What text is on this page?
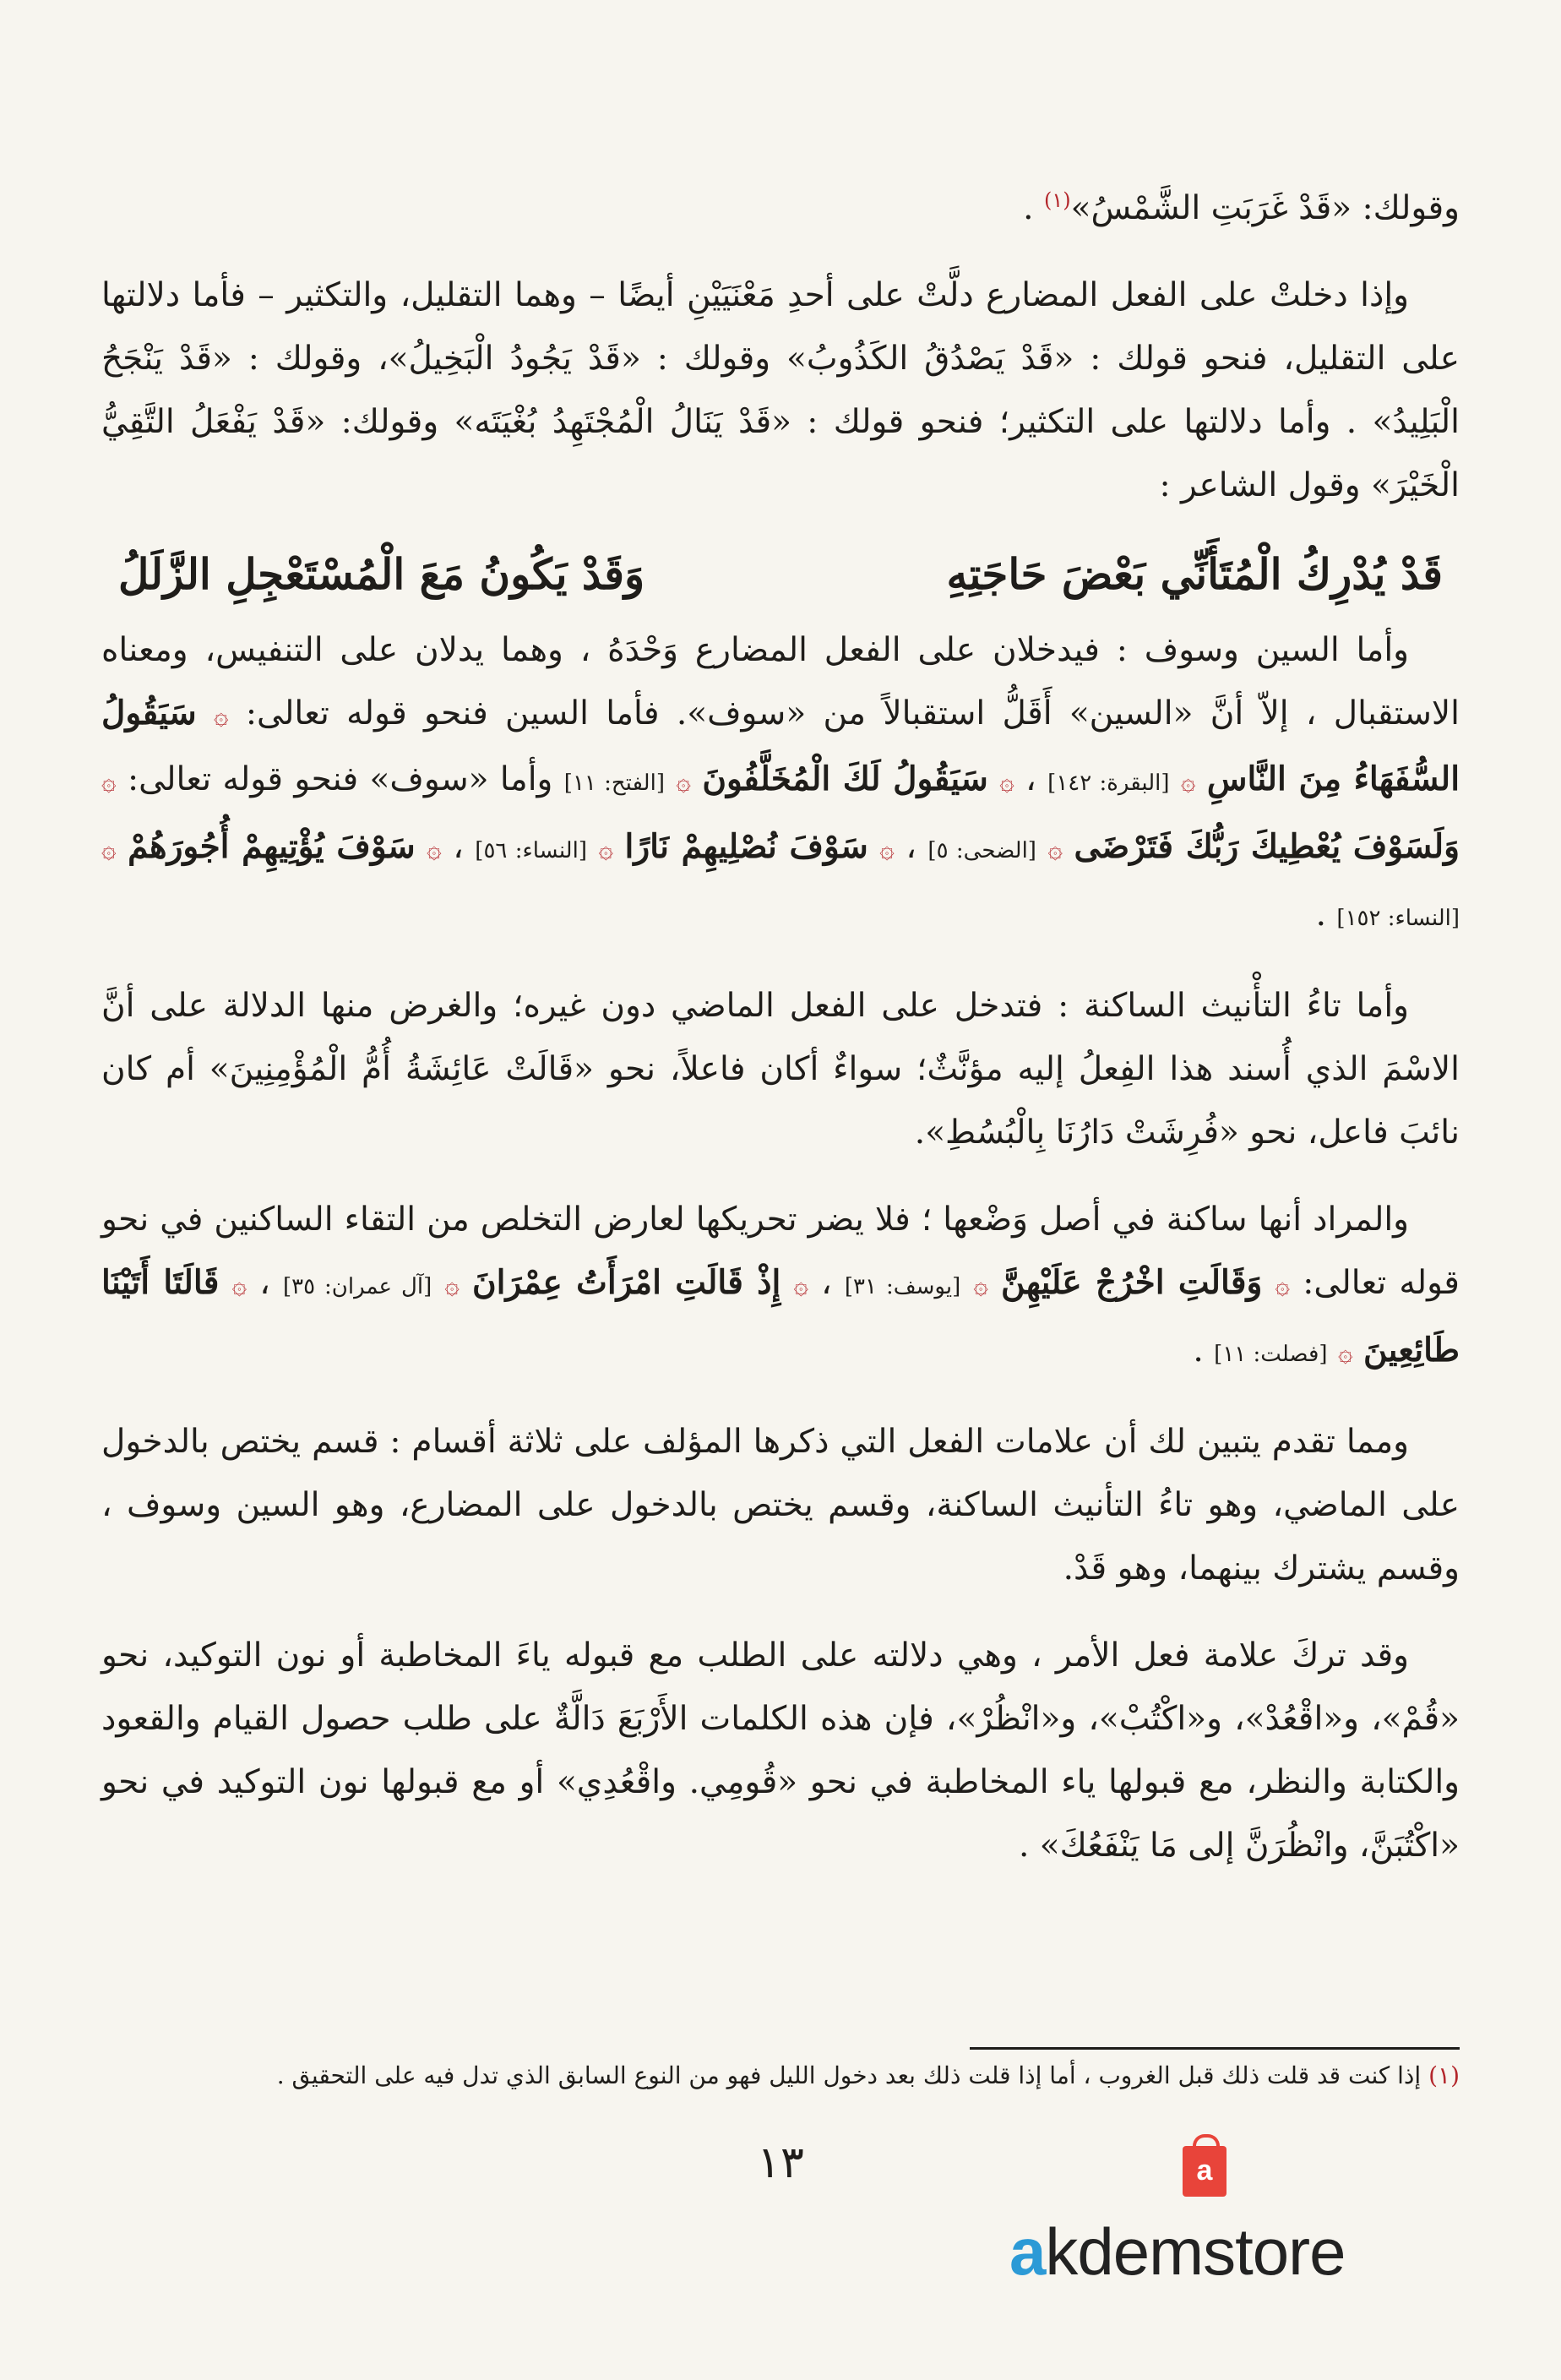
وقولك: «قَدْ غَرَبَتِ الشَّمْسُ»$^{(١)}$ .

وإذا دخلتْ على الفعل المضارع دلَّتْ على أحدِ مَعْنَيَيْنِ أيضًا – وهما التقليل، والتكثير – فأما دلالتها على التقليل، فنحو قولك : «قَدْ يَصْدُقُ الكَذُوبُ» وقولك : «قَدْ يَجُودُ الْبَخِيلُ»، وقولك : «قَدْ يَنْجَحُ الْبَلِيدُ» . وأما دلالتها على التكثير؛ فنحو قولك : «قَدْ يَنَالُ الْمُجْتَهِدُ بُغْيَتَه» وقولك: «قَدْ يَفْعَلُ التَّقِيُّ الْخَيْرَ» وقول الشاعر :

قَدْ يُدْرِكُ الْمُتَأَنِّي بَعْضَ حَاجَتِهِ
وَقَدْ يَكُونُ مَعَ الْمُسْتَعْجِلِ الزَّلَلُ

وأما السين وسوف : فيدخلان على الفعل المضارع وَحْدَهُ ، وهما يدلان على التنفيس، ومعناه الاستقبال ، إلاّ أنَّ «السين» أَقَلُّ استقبالاً من «سوف». فأما السين فنحو قوله تعالى: ۞ سَيَقُولُ السُّفَهَاءُ مِنَ النَّاسِ ۞ [البقرة: ١٤٢] ، ۞ سَيَقُولُ لَكَ الْمُخَلَّفُونَ ۞ [الفتح: ١١] وأما «سوف» فنحو قوله تعالى: ۞ وَلَسَوْفَ يُعْطِيكَ رَبُّكَ فَتَرْضَى ۞ [الضحى: ٥] ، ۞ سَوْفَ نُصْلِيهِمْ نَارًا ۞ [النساء: ٥٦] ، ۞ سَوْفَ يُؤْتِيهِمْ أُجُورَهُمْ ۞ [النساء: ١٥٢] .

وأما تاءُ التأْنيث الساكنة : فتدخل على الفعل الماضي دون غيره؛ والغرض منها الدلالة على أنَّ الاسْمَ الذي أُسند هذا الفِعلُ إليه مؤنَّثٌ؛ سواءٌ أكان فاعلاً، نحو «قَالَتْ عَائِشَةُ أُمُّ الْمُؤْمِنِينَ» أم كان نائبَ فاعل، نحو «فُرِشَتْ دَارُنَا بِالْبُسُطِ».

والمراد أنها ساكنة في أصل وَضْعها ؛ فلا يضر تحريكها لعارض التخلص من التقاء الساكنين في نحو قوله تعالى: ۞ وَقَالَتِ اخْرُجْ عَلَيْهِنَّ ۞ [يوسف: ٣١] ، ۞ إِذْ قَالَتِ امْرَأَتُ عِمْرَانَ ۞ [آل عمران: ٣٥] ، ۞ قَالَتَا أَتَيْنَا طَائِعِينَ ۞ [فصلت: ١١] .

ومما تقدم يتبين لك أن علامات الفعل التي ذكرها المؤلف على ثلاثة أقسام : قسم يختص بالدخول على الماضي، وهو تاءُ التأنيث الساكنة، وقسم يختص بالدخول على المضارع، وهو السين وسوف ، وقسم يشترك بينهما، وهو قَدْ.

وقد تركَ علامة فعل الأمر ، وهي دلالته على الطلب مع قبوله ياءَ المخاطبة أو نون التوكيد، نحو «قُمْ»، و«اقْعُدْ»، و«اكْتُبْ»، و«انْظُرْ»، فإن هذه الكلمات الأَرْبَعَ دَالَّةٌ على طلب حصول القيام والقعود والكتابة والنظر، مع قبولها ياء المخاطبة في نحو «قُومِي. واقْعُدِي» أو مع قبولها نون التوكيد في نحو «اكْتُبَنَّ، وانْظُرَنَّ إلى مَا يَنْفَعُكَ» .

(١) إذا كنت قد قلت ذلك قبل الغروب ، أما إذا قلت ذلك بعد دخول الليل فهو من النوع السابق الذي تدل فيه على التحقيق .
١٣	a
akdemstore
